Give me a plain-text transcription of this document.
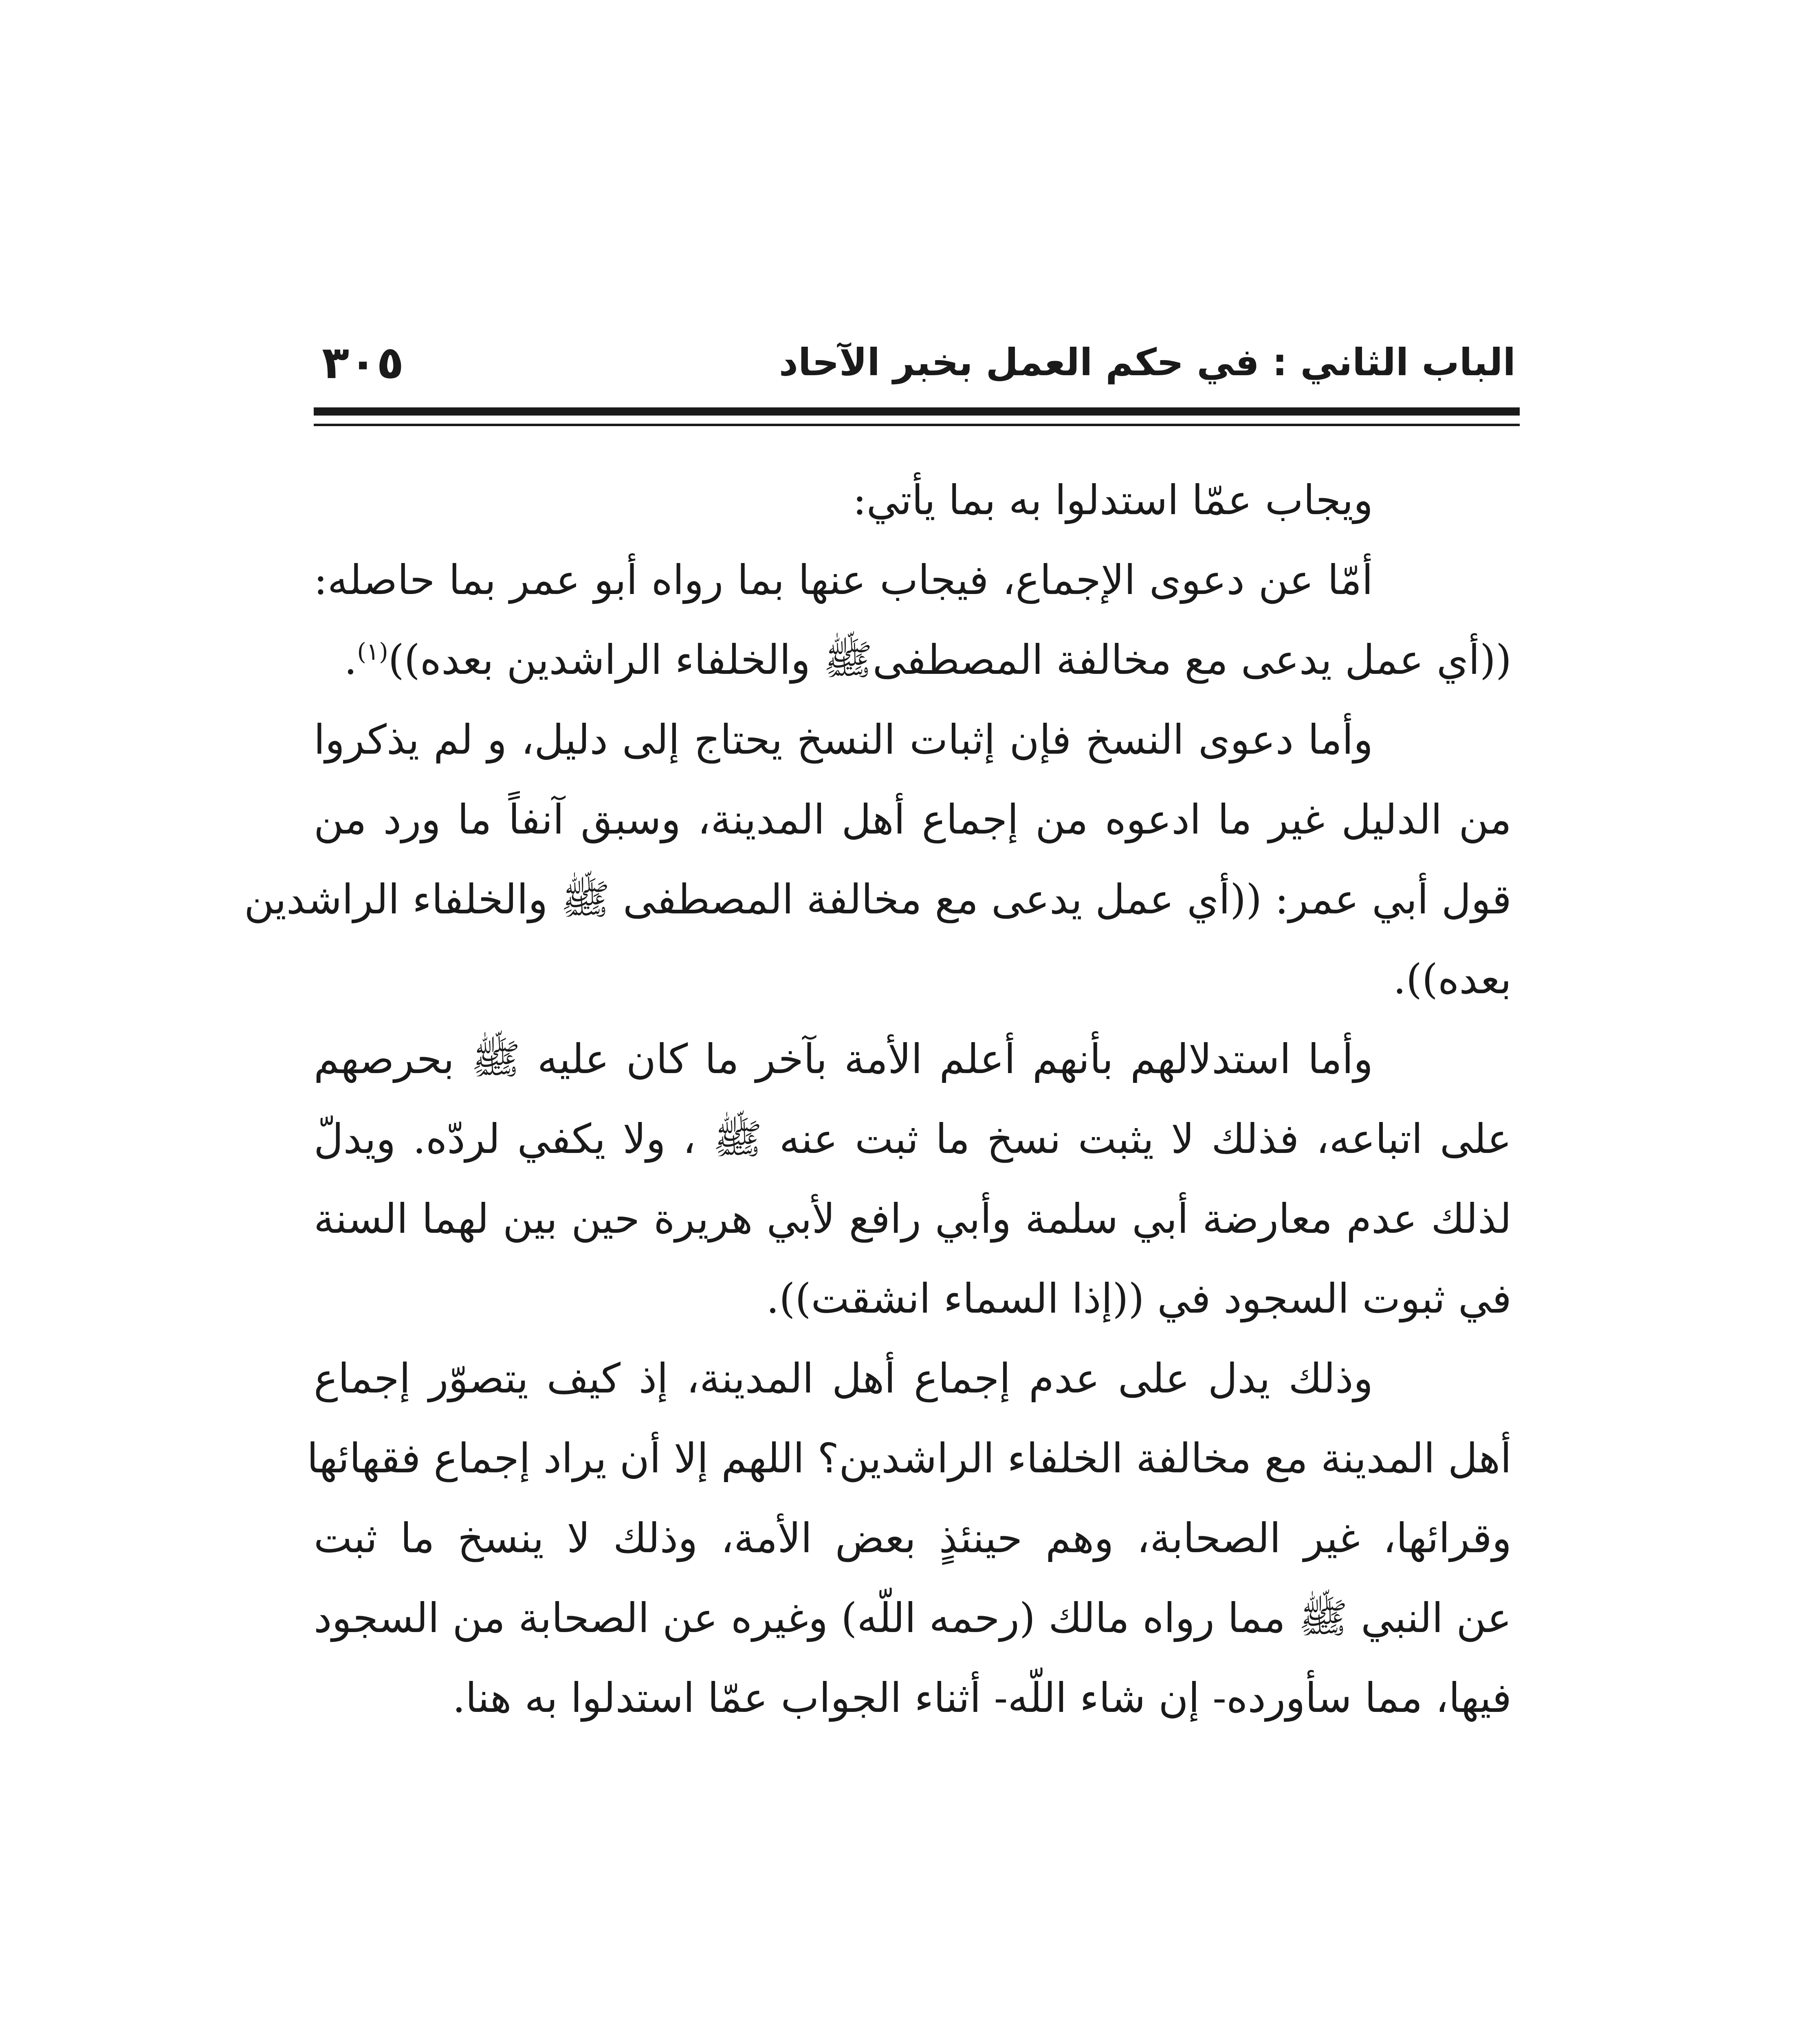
الباب الثاني : في حكم العمل بخبر الآحاد
٣٠٥
ويجاب عمّا استدلوا به بما يأتي:
أمّا عن دعوى الإجماع، فيجاب عنها بما رواه أبو عمر بما حاصله:
((أي عمل يدعى مع مخالفة المصطفىﷺ والخلفاء الراشدين بعده))$^{(١)}$.
وأما دعوى النسخ فإن إثبات النسخ يحتاج إلى دليل، و لم يذكروا
من الدليل غير ما ادعوه من إجماع أهل المدينة، وسبق آنفاً ما ورد من
قول أبي عمر: ((أي عمل يدعى مع مخالفة المصطفى ﷺ والخلفاء الراشدين
بعده)).
وأما استدلالهم بأنهم أعلم الأمة بآخر ما كان عليه ﷺ بحرصهم
على اتباعه، فذلك لا يثبت نسخ ما ثبت عنه ﷺ ، ولا يكفي لردّه. ويدلّ
لذلك عدم معارضة أبي سلمة وأبي رافع لأبي هريرة حين بين لهما السنة
في ثبوت السجود في ((إذا السماء انشقت)).
وذلك يدل على عدم إجماع أهل المدينة، إذ كيف يتصوّر إجماع
أهل المدينة مع مخالفة الخلفاء الراشدين؟ اللهم إلا أن يراد إجماع فقهائها
وقرائها، غير الصحابة، وهم حينئذٍ بعض الأمة، وذلك لا ينسخ ما ثبت
عن النبي ﷺ مما رواه مالك (رحمه اللّه) وغيره عن الصحابة من السجود
فيها، مما سأورده- إن شاء اللّه- أثناء الجواب عمّا استدلوا به هنا.
